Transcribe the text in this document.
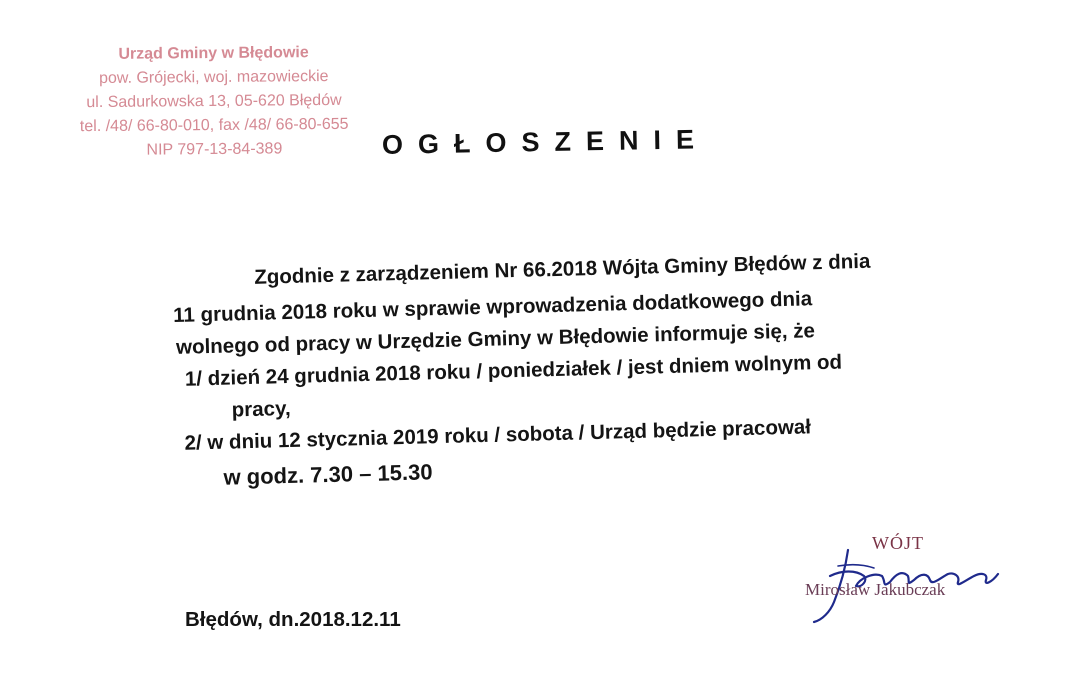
Urząd Gminy w Błędowie
pow. Grójecki, woj. mazowieckie
ul. Sadurkowska 13, 05-620 Błędów
tel. /48/ 66-80-010, fax /48/ 66-80-655
NIP 797-13-84-389	OGŁOSZENIE
Zgodnie z zarządzeniem Nr 66.2018 Wójta Gminy Błędów z dnia
11 grudnia 2018 roku w sprawie wprowadzenia dodatkowego dnia
wolnego od pracy w Urzędzie Gminy w Błędowie informuje się, że
1/ dzień 24 grudnia 2018 roku / poniedziałek / jest dniem wolnym od
pracy,
2/ w dniu 12 stycznia 2019 roku / sobota / Urząd będzie pracował
w godz. 7.30 – 15.30
Błędów, dn.2018.12.11
WÓJT
Mirosław Jakubczak
